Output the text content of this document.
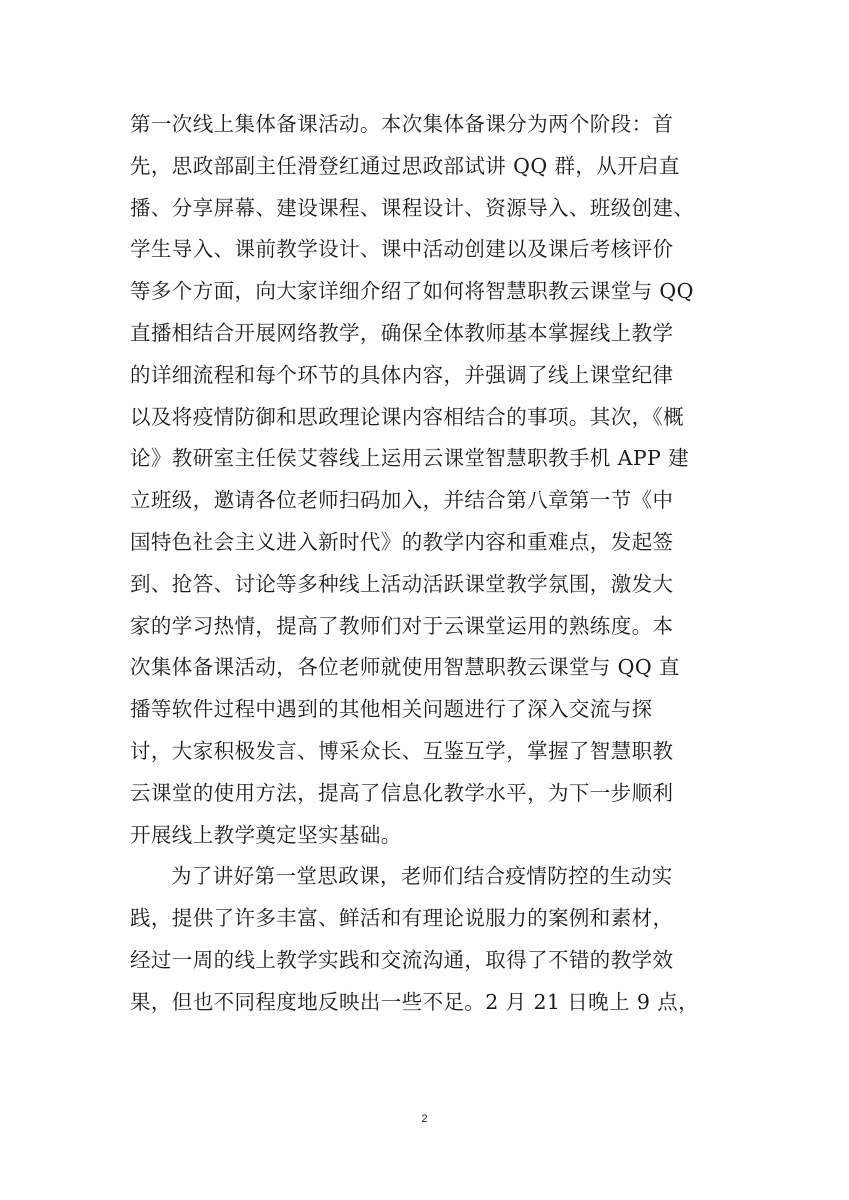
第一次线上集体备课活动。本次集体备课分为两个阶段：首
先，思政部副主任滑登红通过思政部试讲 QQ 群，从开启直
播、分享屏幕、建设课程、课程设计、资源导入、班级创建、
学生导入、课前教学设计、课中活动创建以及课后考核评价
等多个方面，向大家详细介绍了如何将智慧职教云课堂与 QQ
直播相结合开展网络教学，确保全体教师基本掌握线上教学
的详细流程和每个环节的具体内容，并强调了线上课堂纪律
以及将疫情防御和思政理论课内容相结合的事项。其次，《概
论》教研室主任侯艾蓉线上运用云课堂智慧职教手机 APP 建
立班级，邀请各位老师扫码加入，并结合第八章第一节《中
国特色社会主义进入新时代》的教学内容和重难点，发起签
到、抢答、讨论等多种线上活动活跃课堂教学氛围，激发大
家的学习热情，提高了教师们对于云课堂运用的熟练度。本
次集体备课活动，各位老师就使用智慧职教云课堂与 QQ 直
播等软件过程中遇到的其他相关问题进行了深入交流与探
讨，大家积极发言、博采众长、互鉴互学，掌握了智慧职教
云课堂的使用方法，提高了信息化教学水平，为下一步顺利
开展线上教学奠定坚实基础。
为了讲好第一堂思政课，老师们结合疫情防控的生动实
践，提供了许多丰富、鲜活和有理论说服力的案例和素材，
经过一周的线上教学实践和交流沟通，取得了不错的教学效
果，但也不同程度地反映出一些不足。2 月 21 日晚上 9 点，
2
